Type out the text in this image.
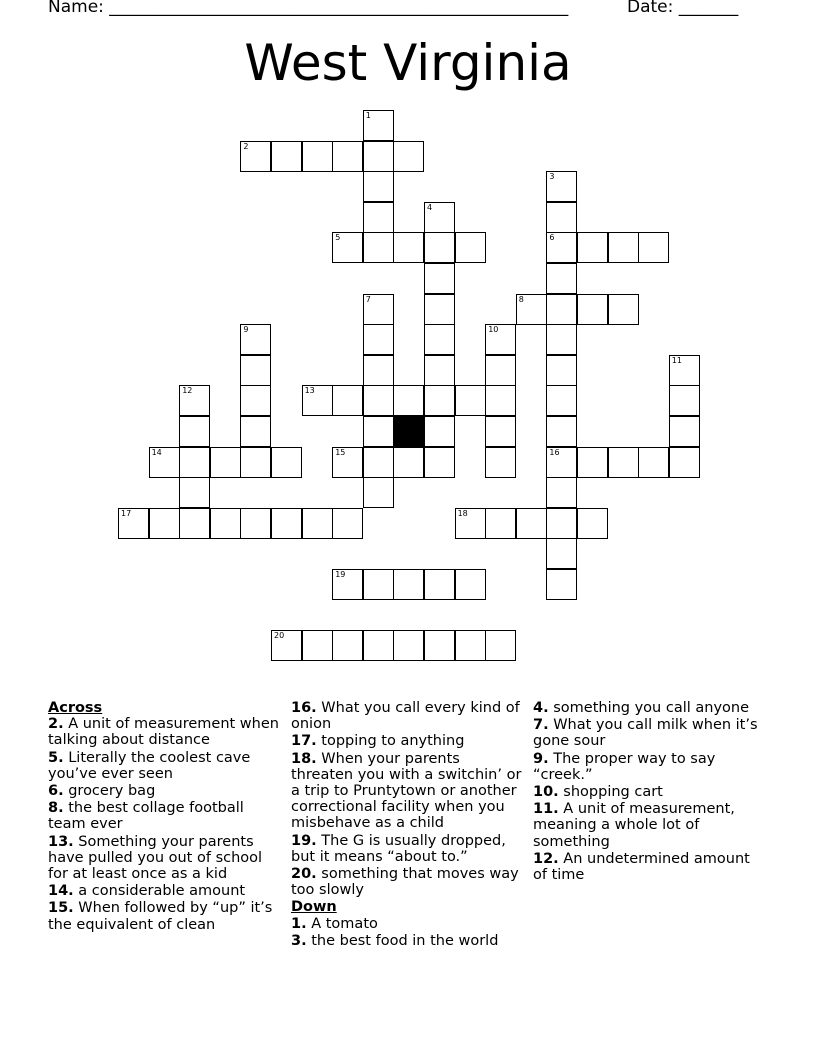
Name: ______________________________________________________	Date: _______
West Virginia
1
2
3
6
16
4
5
7	8
9	10
11
12	13
14	15
17	18
19
20

Across

2. A unit of measurement when talking about distance

5. Literally the coolest cave you’ve ever seen

6. grocery bag

8. the best collage football team ever

13. Something your parents have pulled you out of school for at least once as a kid

14. a considerable amount

15. When followed by “up” it’s the equivalent of clean

16. What you call every kind of onion

17. topping to anything

18. When your parents threaten you with a switchin’ or a trip to Pruntytown or another correctional facility when you misbehave as a child

19. The G is usually dropped, but it means “about to.”

20. something that moves way too slowly

Down

1. A tomato

3. the best food in the world

4. something you call anyone

7. What you call milk when it’s gone sour

9. The proper way to say “creek.”

10. shopping cart

11. A unit of measurement, meaning a whole lot of something

12. An undetermined amount of time
